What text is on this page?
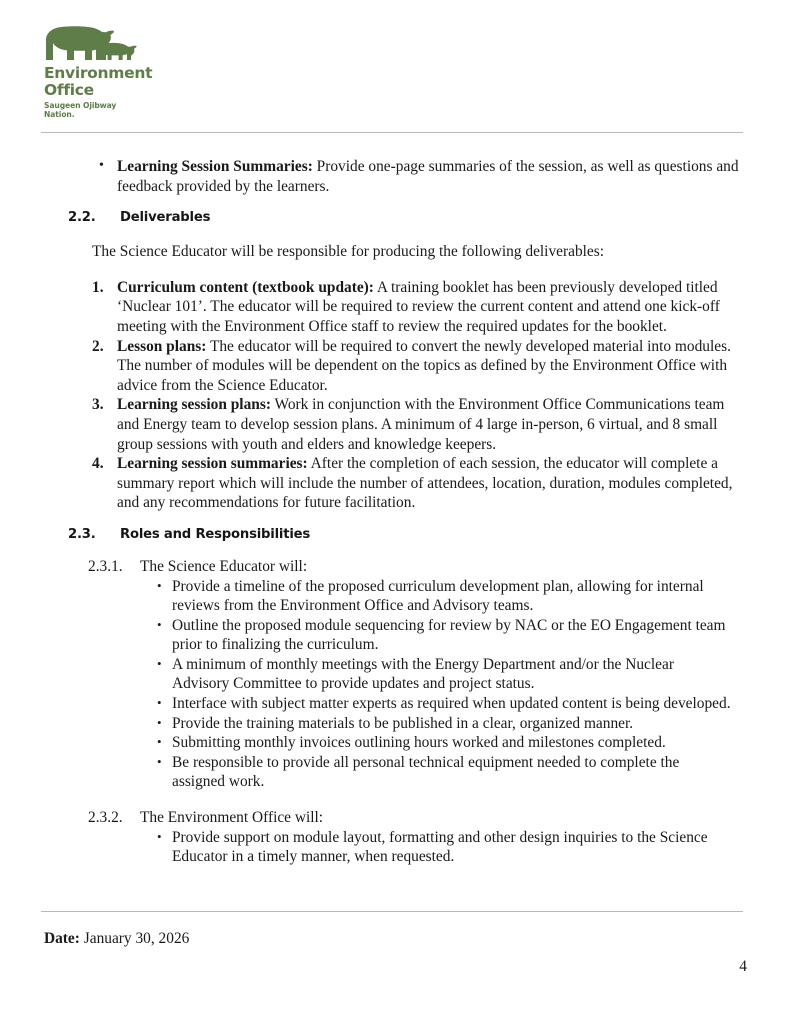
Environment
Office
Saugeen Ojibway
Nation.
• Learning Session Summaries: Provide one-page summaries of the session, as well as questions and feedback provided by the learners.
2.2.	Deliverables
The Science Educator will be responsible for producing the following deliverables:
1. Curriculum content (textbook update): A training booklet has been previously developed titled ‘Nuclear 101’. The educator will be required to review the current content and attend one kick-off meeting with the Environment Office staff to review the required updates for the booklet.
2. Lesson plans: The educator will be required to convert the newly developed material into modules. The number of modules will be dependent on the topics as defined by the Environment Office with advice from the Science Educator.
3. Learning session plans: Work in conjunction with the Environment Office Communications team and Energy team to develop session plans. A minimum of 4 large in-person, 6 virtual, and 8 small group sessions with youth and elders and knowledge keepers.
4. Learning session summaries: After the completion of each session, the educator will complete a summary report which will include the number of attendees, location, duration, modules completed, and any recommendations for future facilitation.
2.3.	Roles and Responsibilities
2.3.1. The Science Educator will:
• Provide a timeline of the proposed curriculum development plan, allowing for internal reviews from the Environment Office and Advisory teams.
• Outline the proposed module sequencing for review by NAC or the EO Engagement team prior to finalizing the curriculum.
• A minimum of monthly meetings with the Energy Department and/or the Nuclear Advisory Committee to provide updates and project status.
• Interface with subject matter experts as required when updated content is being developed.
• Provide the training materials to be published in a clear, organized manner.
• Submitting monthly invoices outlining hours worked and milestones completed.
• Be responsible to provide all personal technical equipment needed to complete the assigned work.
2.3.2. The Environment Office will:
• Provide support on module layout, formatting and other design inquiries to the Science Educator in a timely manner, when requested.
Date: January 30, 2026
4
